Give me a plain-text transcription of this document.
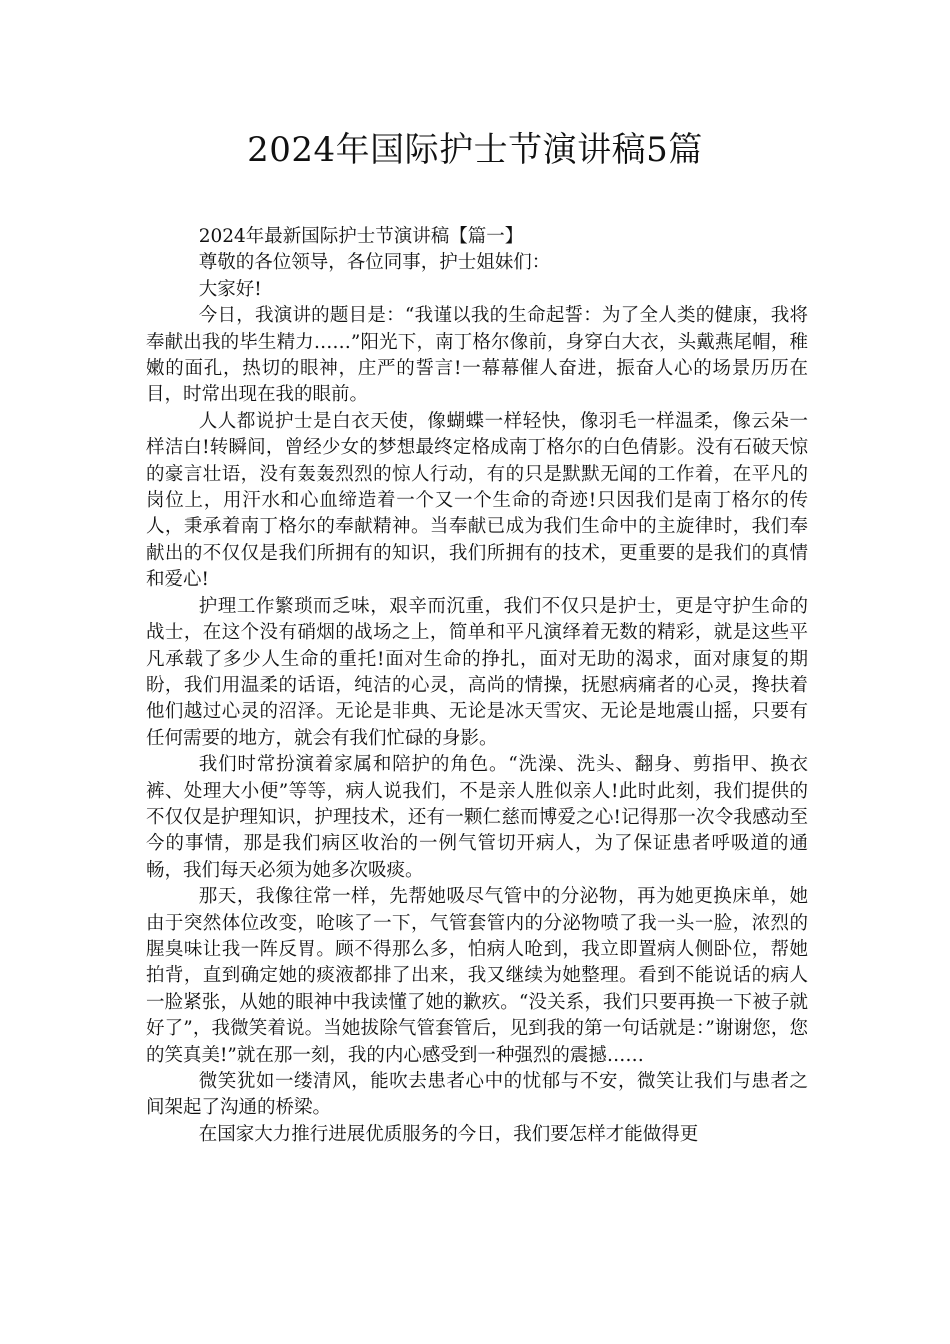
2024年国际护士节演讲稿5篇

2024年最新国际护士节演讲稿【篇一】

尊敬的各位领导，各位同事，护士姐妹们：

大家好!

今日，我演讲的题目是：“我谨以我的生命起誓：为了全人类的健康，我将奉献出我的毕生精力……”阳光下，南丁格尔像前，身穿白大衣，头戴燕尾帽，稚嫩的面孔，热切的眼神，庄严的誓言!一幕幕催人奋进，振奋人心的场景历历在目，时常出现在我的眼前。

人人都说护士是白衣天使，像蝴蝶一样轻快，像羽毛一样温柔，像云朵一样洁白!转瞬间，曾经少女的梦想最终定格成南丁格尔的白色倩影。没有石破天惊的豪言壮语，没有轰轰烈烈的惊人行动，有的只是默默无闻的工作着，在平凡的岗位上，用汗水和心血缔造着一个又一个生命的奇迹!只因我们是南丁格尔的传人，秉承着南丁格尔的奉献精神。当奉献已成为我们生命中的主旋律时，我们奉献出的不仅仅是我们所拥有的知识，我们所拥有的技术，更重要的是我们的真情和爱心!

护理工作繁琐而乏味，艰辛而沉重，我们不仅只是护士，更是守护生命的战士，在这个没有硝烟的战场之上，简单和平凡演绎着无数的精彩，就是这些平凡承载了多少人生命的重托!面对生命的挣扎，面对无助的渴求，面对康复的期盼，我们用温柔的话语，纯洁的心灵，高尚的情操，抚慰病痛者的心灵，搀扶着他们越过心灵的沼泽。无论是非典、无论是冰天雪灾、无论是地震山摇，只要有任何需要的地方，就会有我们忙碌的身影。

我们时常扮演着家属和陪护的角色。“洗澡、洗头、翻身、剪指甲、换衣裤、处理大小便”等等，病人说我们，不是亲人胜似亲人!此时此刻，我们提供的不仅仅是护理知识，护理技术，还有一颗仁慈而博爱之心!记得那一次令我感动至今的事情，那是我们病区收治的一例气管切开病人，为了保证患者呼吸道的通畅，我们每天必须为她多次吸痰。

那天，我像往常一样，先帮她吸尽气管中的分泌物，再为她更换床单，她由于突然体位改变，呛咳了一下，气管套管内的分泌物喷了我一头一脸，浓烈的腥臭味让我一阵反胃。顾不得那么多，怕病人呛到，我立即置病人侧卧位，帮她拍背，直到确定她的痰液都排了出来，我又继续为她整理。看到不能说话的病人一脸紧张，从她的眼神中我读懂了她的歉疚。“没关系，我们只要再换一下被子就好了”，我微笑着说。当她拔除气管套管后，见到我的第一句话就是：”谢谢您，您的笑真美!”就在那一刻，我的内心感受到一种强烈的震撼……

微笑犹如一缕清风，能吹去患者心中的忧郁与不安，微笑让我们与患者之间架起了沟通的桥梁。

在国家大力推行进展优质服务的今日，我们要怎样才能做得更
